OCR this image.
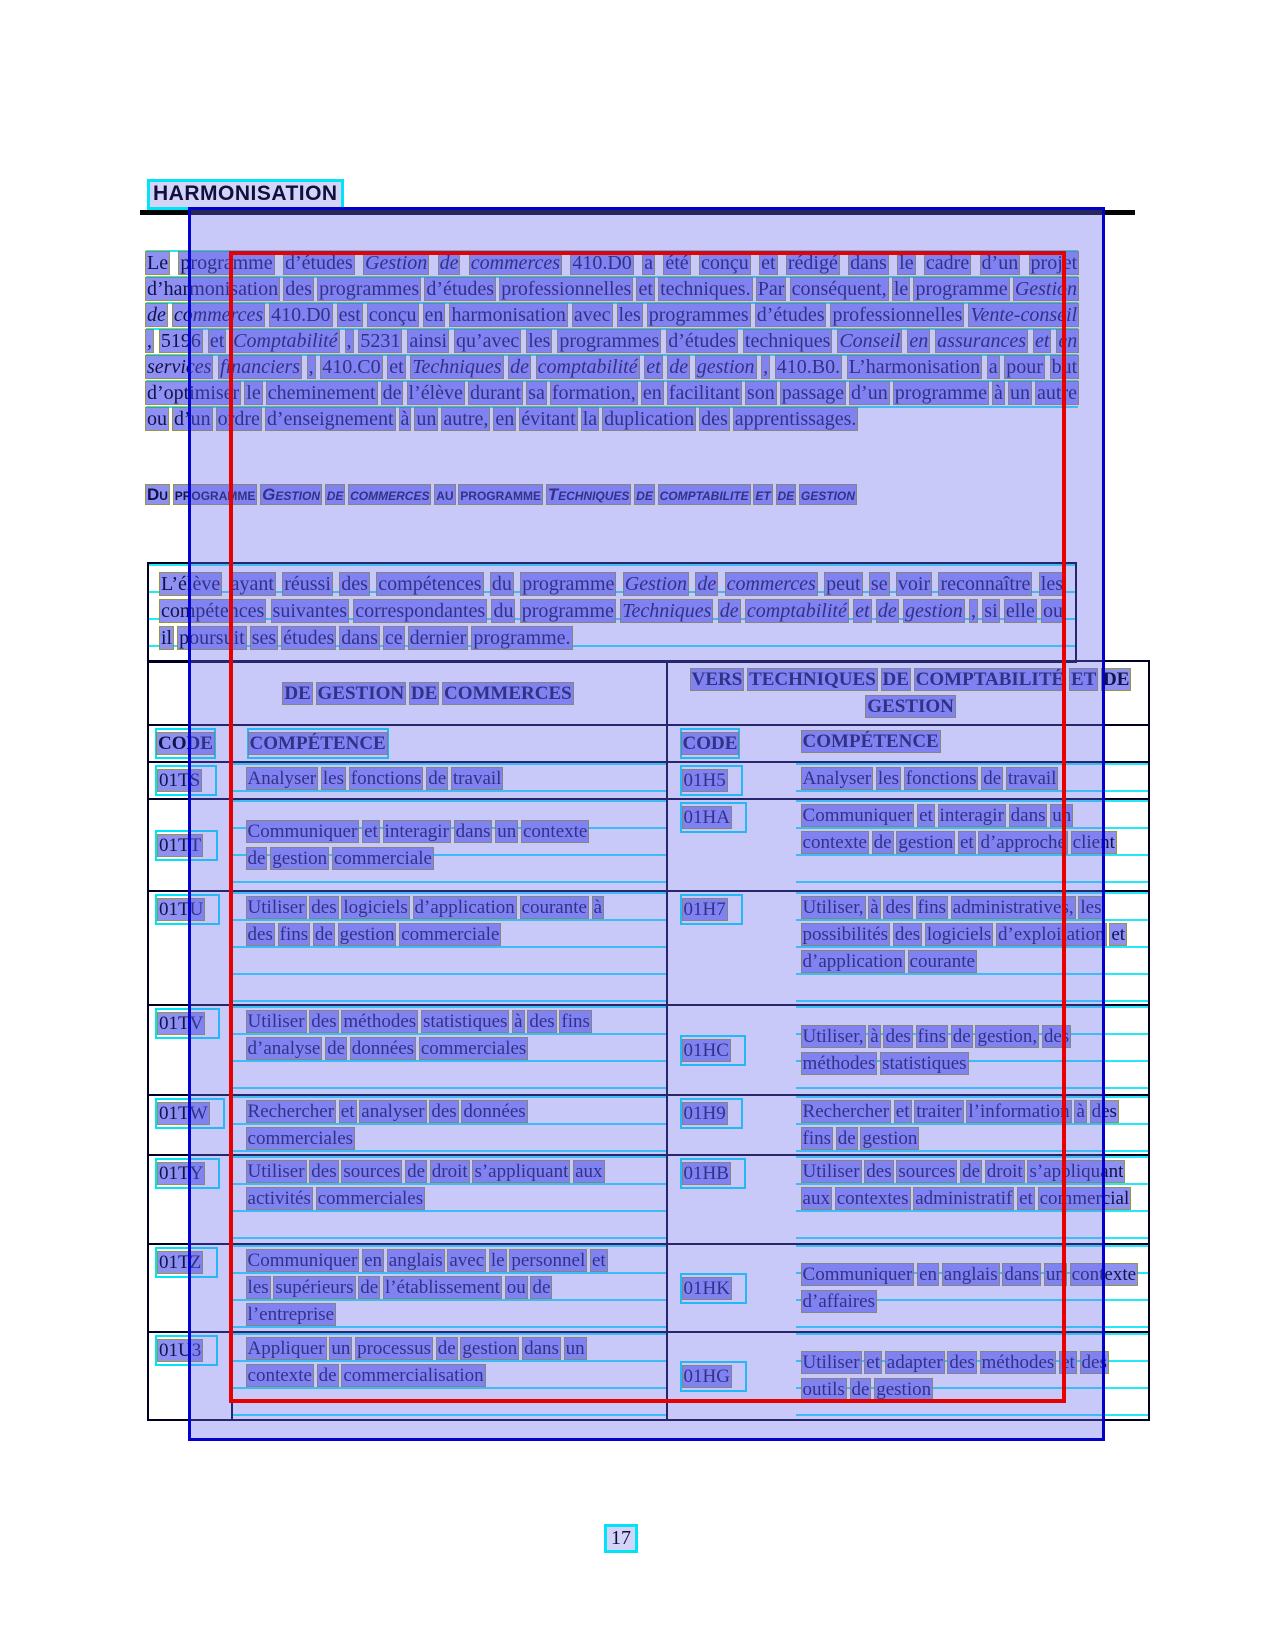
HARMONISATION
Le programme d’études Gestion de commerces 410.D0 a été conçu et rédigé dans le cadre d’un projet d’harmonisation des programmes d’études professionnelles et techniques. Par conséquent, le programme Gestion de commerces 410.D0 est conçu en harmonisation avec les programmes d’études professionnelles Vente-conseil , 5196 et Comptabilité , 5231 ainsi qu’avec les programmes d’études techniques Conseil en assurances et en services financiers , 410.C0 et Techniques de comptabilité et de gestion , 410.B0. L’harmonisation a pour but d’optimiser le cheminement de l’élève durant sa formation, en facilitant son passage d’un programme à un autre ou d’un ordre d’enseignement à un autre, en évitant la duplication des apprentissages.
Du programme Gestion de commerces au programme Techniques de comptabilite et de gestion
L’élève ayant réussi des compétences du programme Gestion de commerces peut se voir reconnaître les compétences suivantes correspondantes du programme Techniques de comptabilité et de gestion , si elle ou il poursuit ses études dans ce dernier programme.
	DE GESTION DE COMMERCES	VERS TECHNIQUES DE COMPTABILITÉ ET DE GESTION	
CODE	COMPÉTENCE	CODE	COMPÉTENCE
01TS	Analyser les fonctions de travail	01H5	Analyser les fonctions de travail
01TT	Communiquer et interagir dans un contexte de gestion commerciale	01HA	Communiquer et interagir dans un contexte de gestion et d’approche client
01TU	Utiliser des logiciels d’application courante à des fins de gestion commerciale	01H7	Utiliser, à des fins administratives, les possibilités des logiciels d’exploitation et d’application courante
01TV	Utiliser des méthodes statistiques à des fins d’analyse de données commerciales	01HC	Utiliser, à des fins de gestion, des méthodes statistiques
01TW	Rechercher et analyser des données commerciales	01H9	Rechercher et traiter l’information à des fins de gestion
01TY	Utiliser des sources de droit s’appliquant aux activités commerciales	01HB	Utiliser des sources de droit s’appliquant aux contextes administratif et commercial
01TZ	Communiquer en anglais avec le personnel et les supérieurs de l’établissement ou de l’entreprise	01HK	Communiquer en anglais dans un contexte d’affaires
01U3	Appliquer un processus de gestion dans un contexte de commercialisation	01HG	Utiliser et adapter des méthodes et des outils de gestion
17
